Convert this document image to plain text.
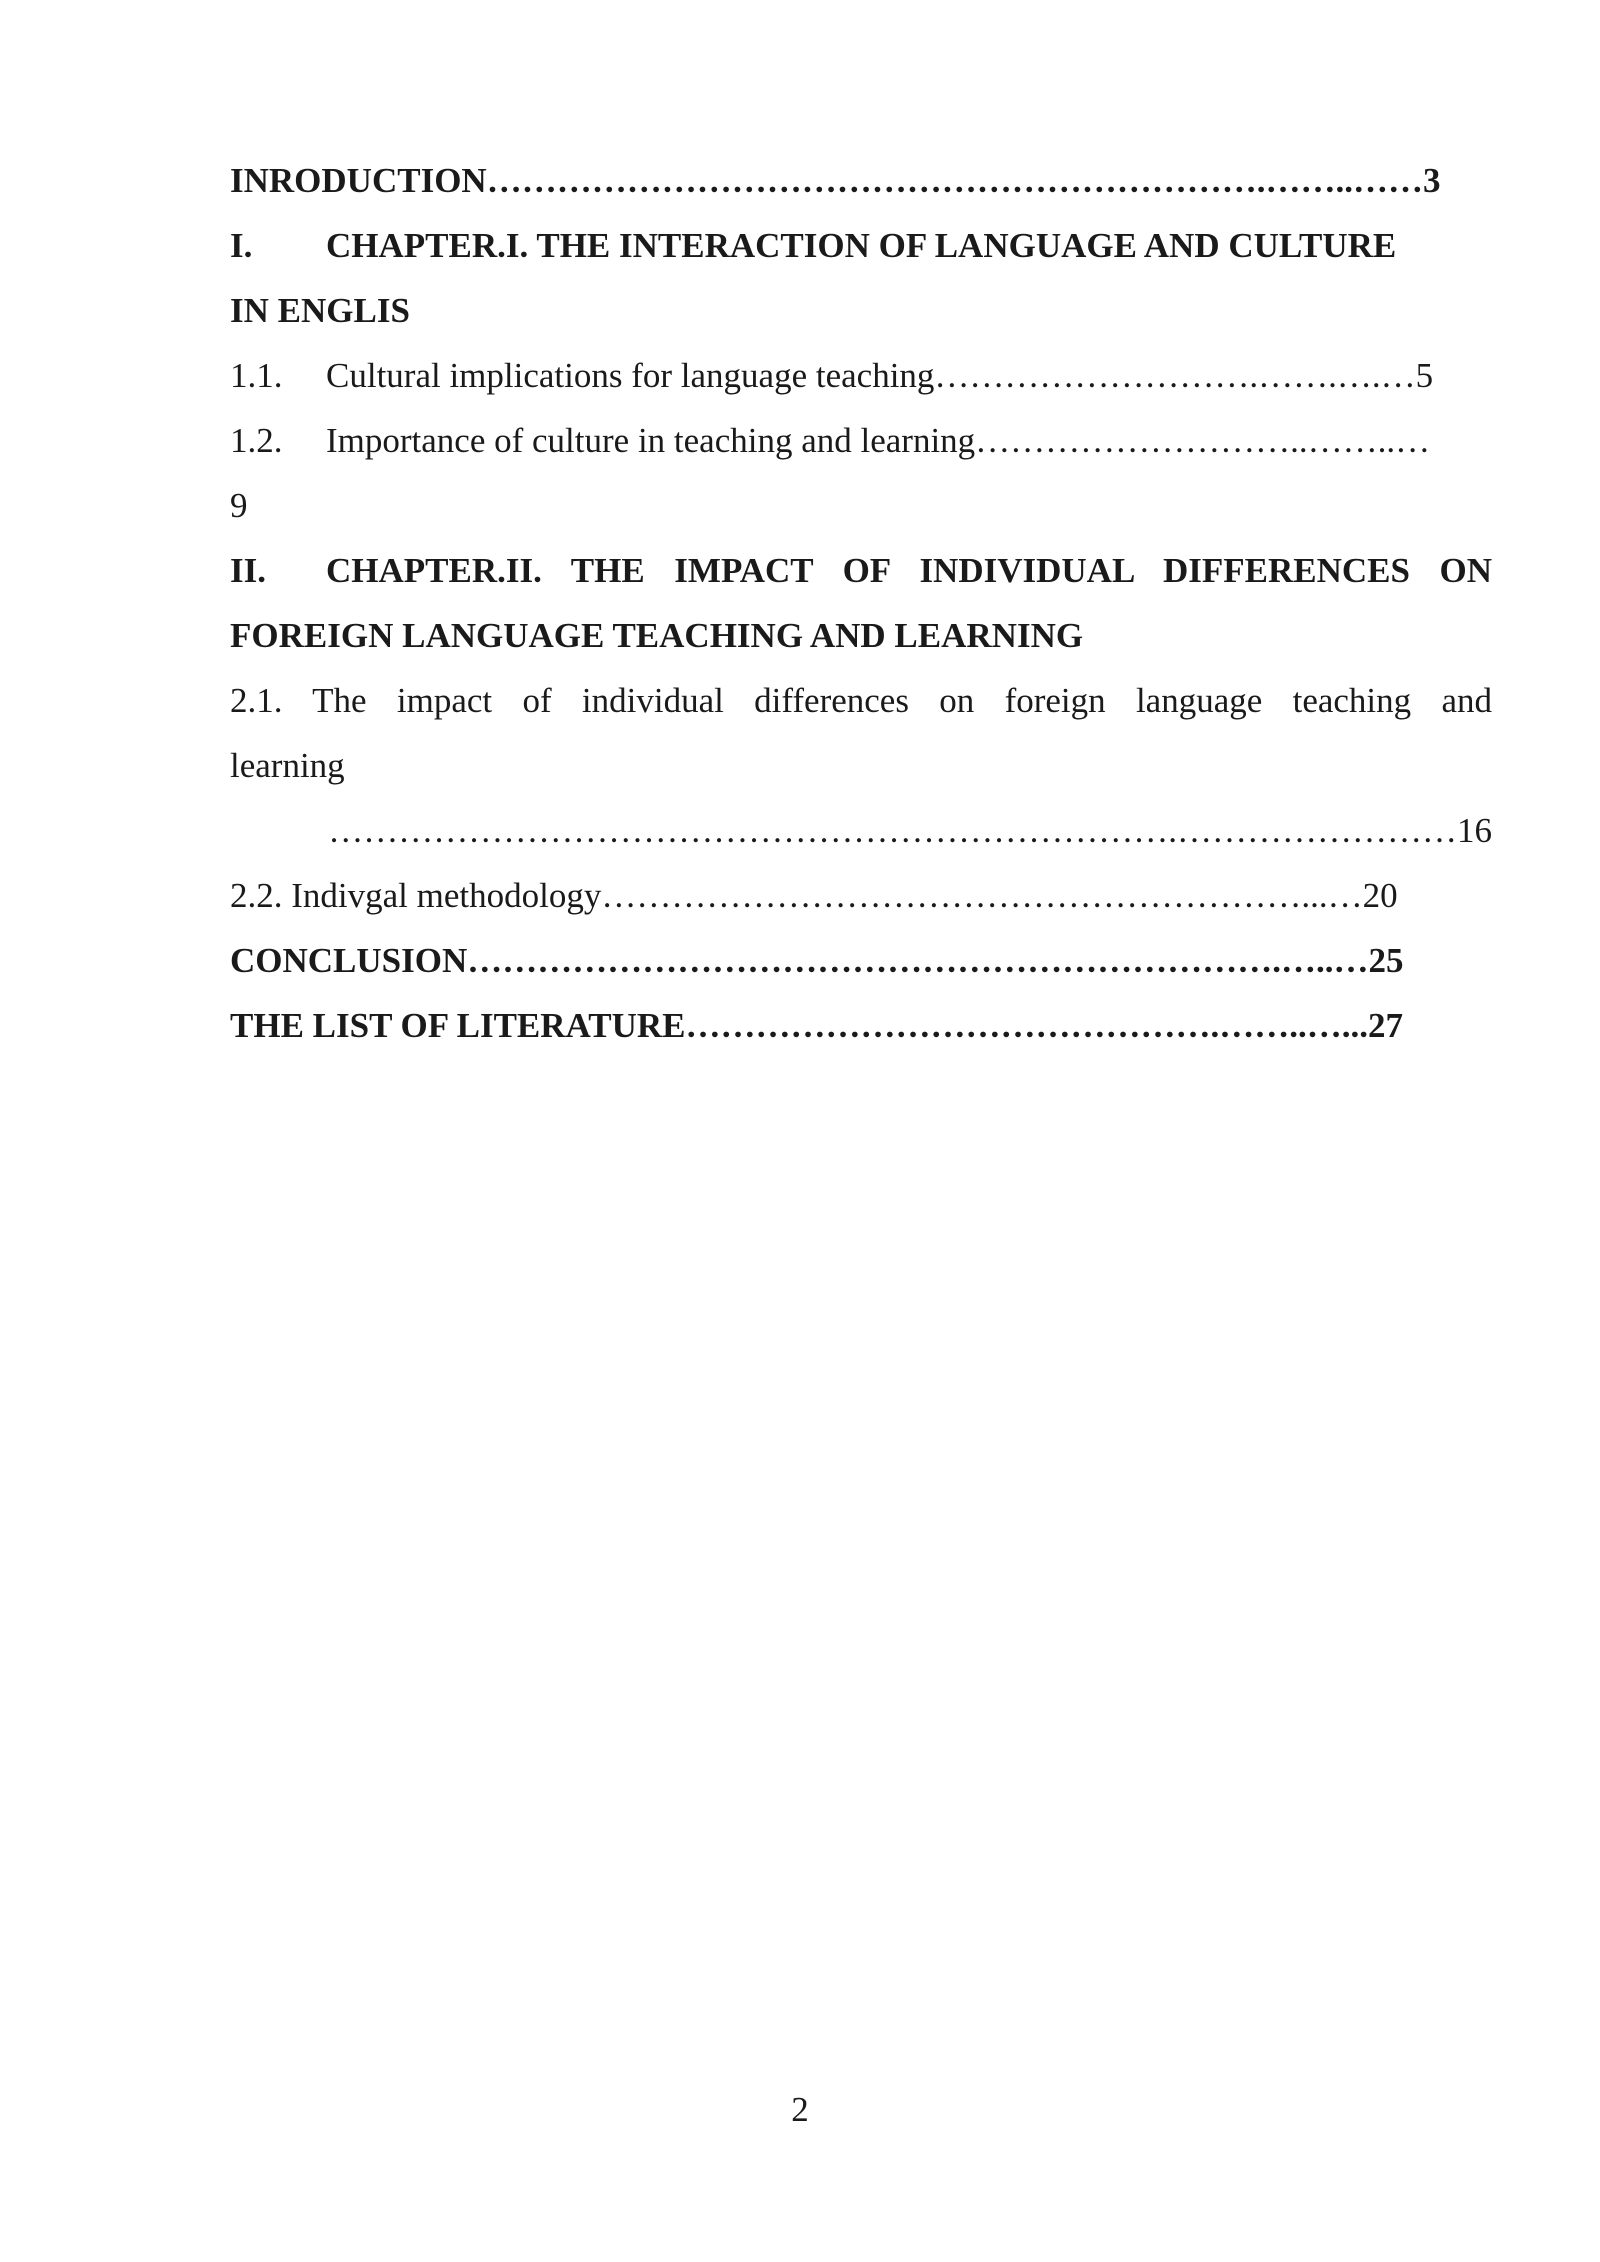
INRODUCTION………………………………………………………….……..……3
I.	CHAPTER.I. THE INTERACTION OF LANGUAGE AND CULTURE
IN ENGLIS
1.1.	Cultural implications for language teaching……………………….…….….…5
1.2.	Importance of culture in teaching and learning………………………..……..…
9
II.	CHAPTER.II. THE IMPACT OF INDIVIDUAL DIFFERENCES ON
FOREIGN LANGUAGE TEACHING AND LEARNING
2.1. The impact of individual differences on foreign language teaching and
learning
……………………………………………………………….……………………16
2.2. Indivgal methodology……………………………………………………...…20
CONCLUSION…………………………………………………………….…..…25
THE LIST OF LITERATURE……………………………………….……..…...27
2
